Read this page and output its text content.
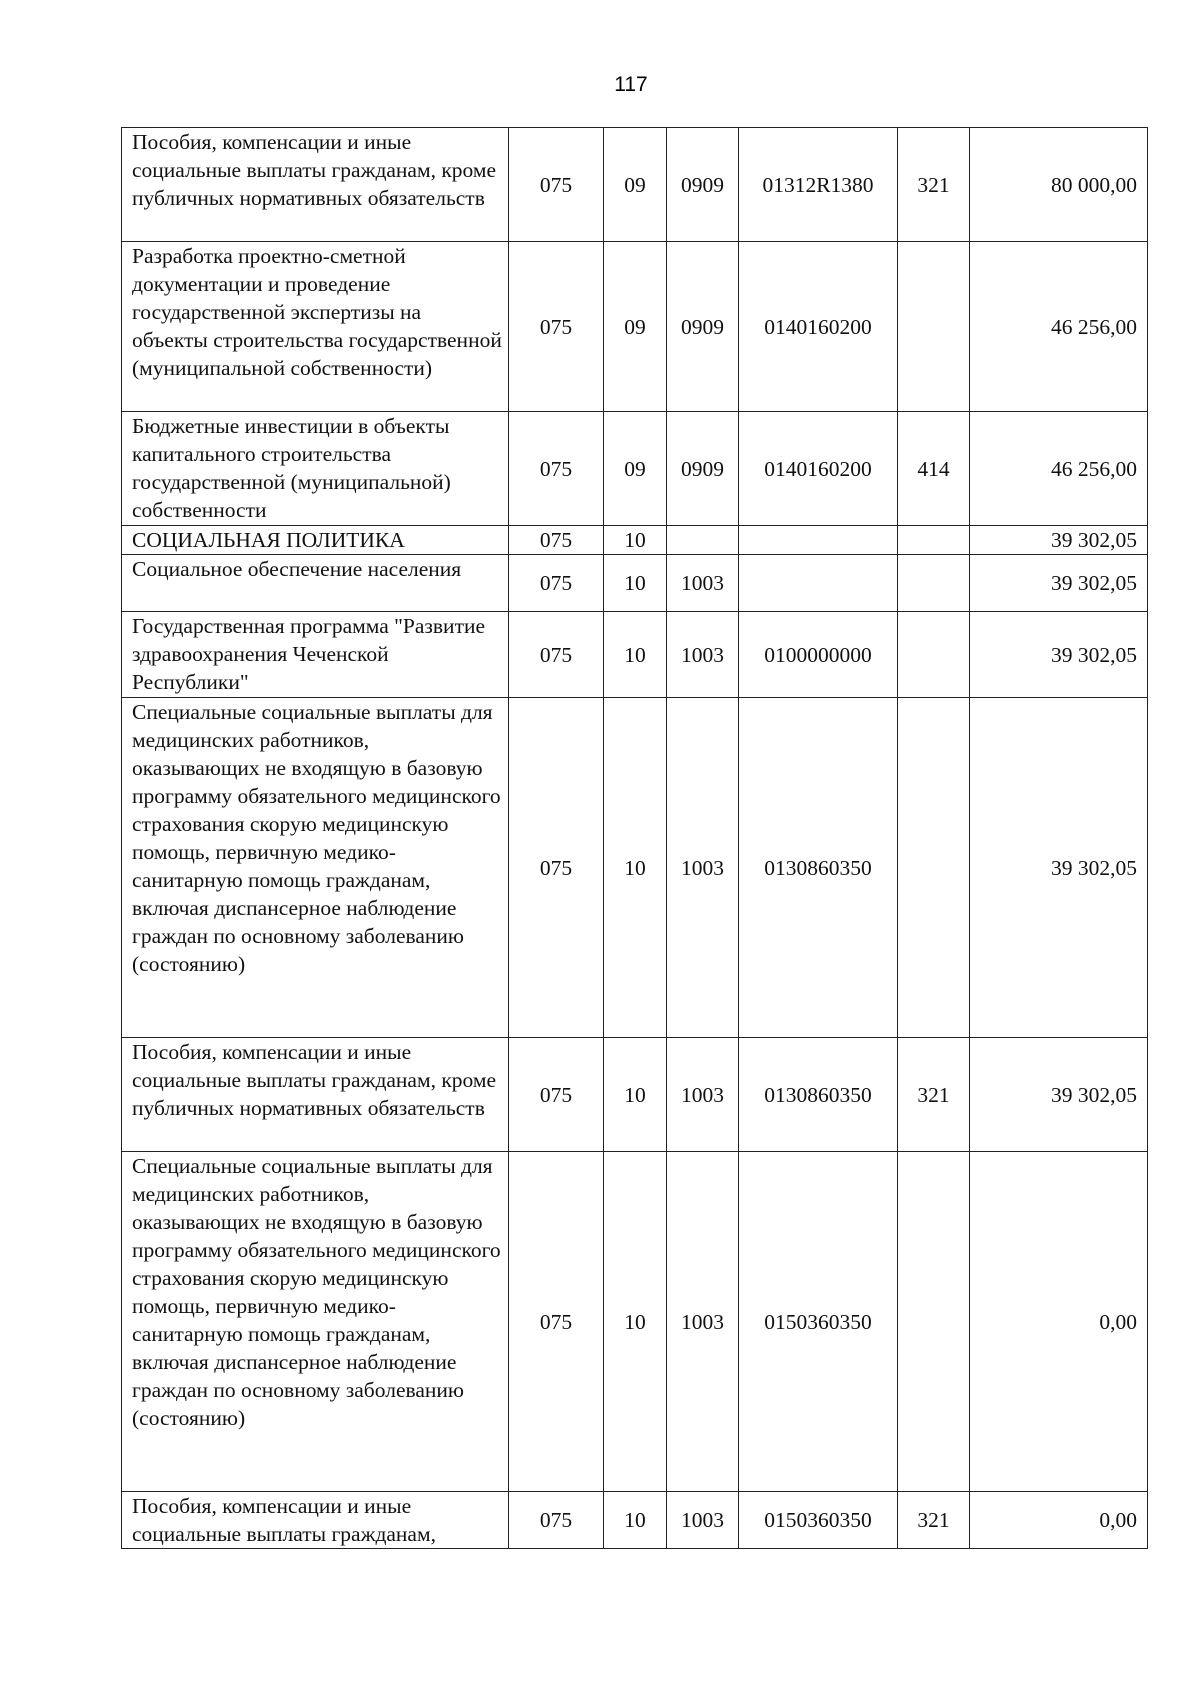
117
Пособия, компенсации и иные социальные выплаты гражданам, кроме публичных нормативных обязательств	075	09	0909	01312R1380	321	80 000,00
Разработка проектно-сметной документации и проведение государственной экспертизы на объекты строительства государственной (муниципальной собственности)	075	09	0909	0140160200		46 256,00
Бюджетные инвестиции в объекты капитального строительства государственной (муниципальной) собственности	075	09	0909	0140160200	414	46 256,00
СОЦИАЛЬНАЯ ПОЛИТИКА	075	10				39 302,05
Социальное обеспечение населения	075	10	1003			39 302,05
Государственная программа "Развитие здравоохранения Чеченской Республики"	075	10	1003	0100000000		39 302,05
Специальные социальные выплаты для медицинских работников, оказывающих не входящую в базовую программу обязательного медицинского страхования скорую медицинскую помощь, первичную медико-санитарную помощь гражданам, включая диспансерное наблюдение граждан по основному заболеванию (состоянию)	075	10	1003	0130860350		39 302,05
Пособия, компенсации и иные социальные выплаты гражданам, кроме публичных нормативных обязательств	075	10	1003	0130860350	321	39 302,05
Специальные социальные выплаты для медицинских работников, оказывающих не входящую в базовую программу обязательного медицинского страхования скорую медицинскую помощь, первичную медико-санитарную помощь гражданам, включая диспансерное наблюдение граждан по основному заболеванию (состоянию)	075	10	1003	0150360350		0,00
Пособия, компенсации и иные социальные выплаты гражданам,	075	10	1003	0150360350	321	0,00
